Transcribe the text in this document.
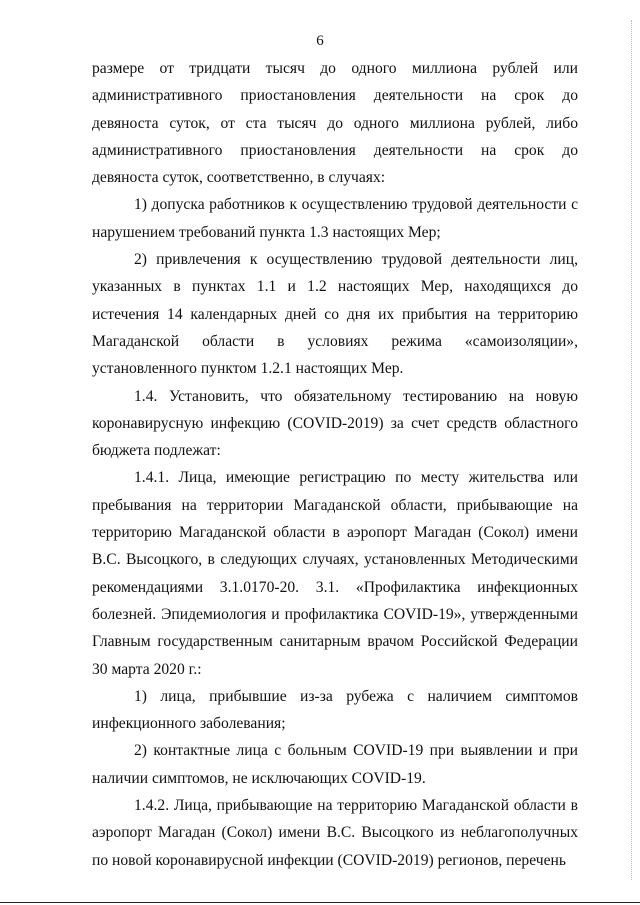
6

размере от тридцати тысяч до одного миллиона рублей или административного приостановления деятельности на срок до девяноста суток, от ста тысяч до одного миллиона рублей, либо административного приостановления деятельности на срок до девяноста суток, соответственно, в случаях:

1) допуска работников к осуществлению трудовой деятельности с нарушением требований пункта 1.3 настоящих Мер;

2) привлечения к осуществлению трудовой деятельности лиц, указанных в пунктах 1.1 и 1.2 настоящих Мер, находящихся до истечения 14 календарных дней со дня их прибытия на территорию Магаданской области в условиях режима «самоизоляции», установленного пунктом 1.2.1 настоящих Мер.

1.4. Установить, что обязательному тестированию на новую коронавирусную инфекцию (COVID-2019) за счет средств областного бюджета подлежат:

1.4.1. Лица, имеющие регистрацию по месту жительства или пребывания на территории Магаданской области, прибывающие на территорию Магаданской области в аэропорт Магадан (Сокол) имени В.С. Высоцкого, в следующих случаях, установленных Методическими рекомендациями 3.1.0170-20. 3.1. «Профилактика инфекционных болезней. Эпидемиология и профилактика COVID-19», утвержденными Главным государственным санитарным врачом Российской Федерации 30 марта 2020 г.:

1) лица, прибывшие из-за рубежа с наличием симптомов инфекционного заболевания;

2) контактные лица с больным COVID-19 при выявлении и при наличии симптомов, не исключающих COVID-19.

1.4.2. Лица, прибывающие на территорию Магаданской области в аэропорт Магадан (Сокол) имени В.С. Высоцкого из неблагополучных по новой коронавирусной инфекции (COVID-2019) регионов, перечень
